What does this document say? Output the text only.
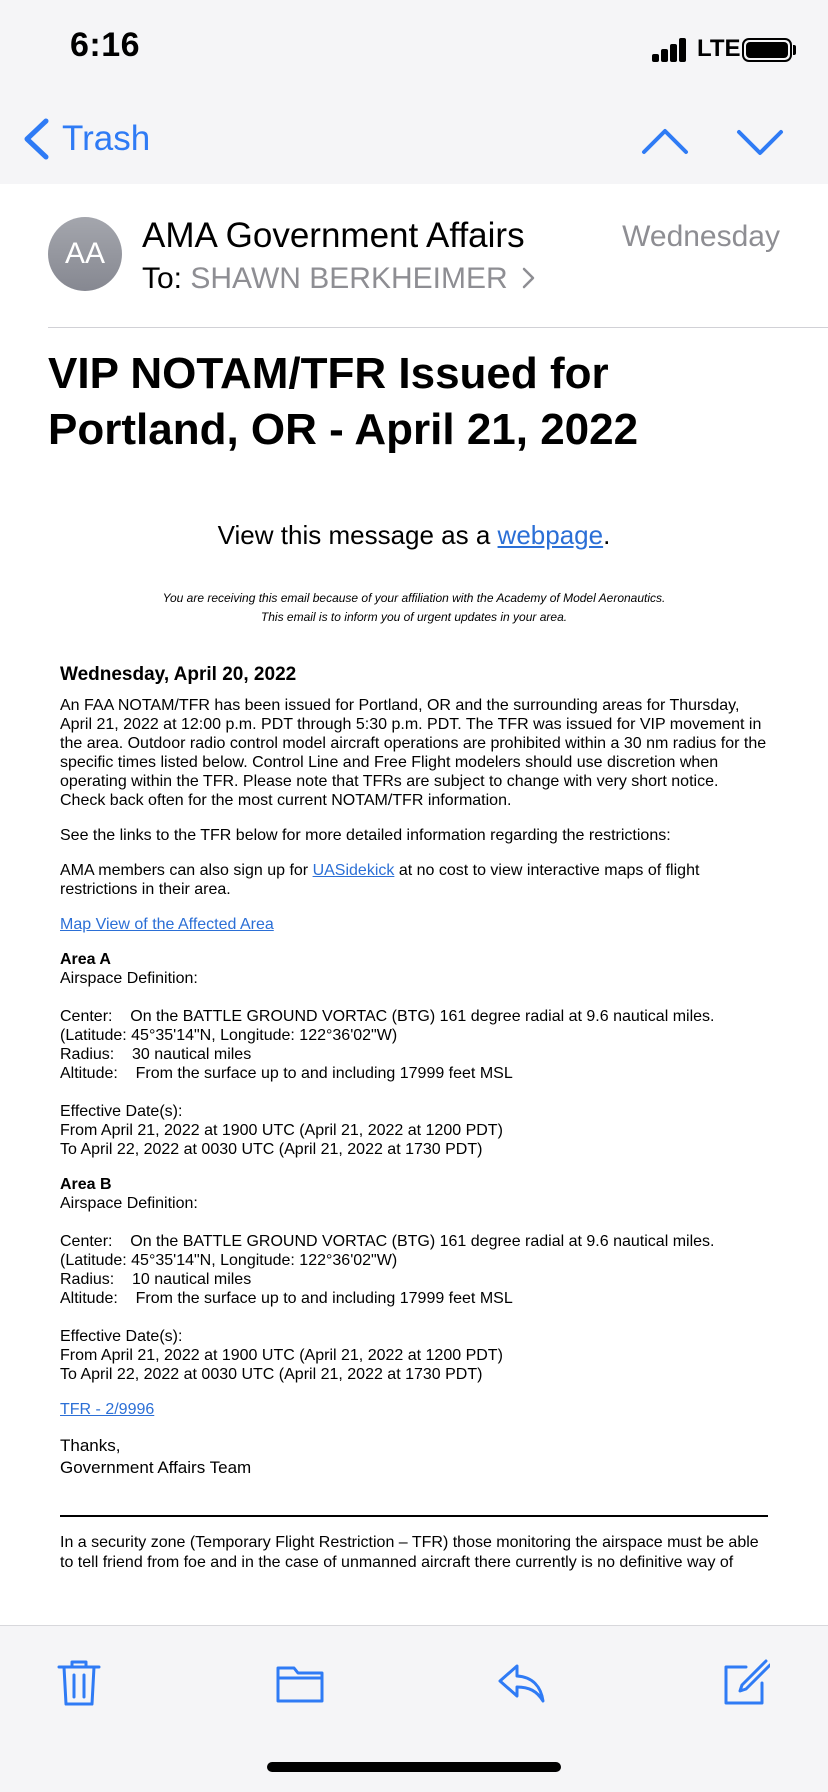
6:16	LTE
Trash
AA	AMA Government Affairs
To: SHAWN BERKHEIMER
Wednesday
VIP NOTAM/TFR Issued for Portland, OR - April 21, 2022
View this message as a webpage.
You are receiving this email because of your affiliation with the Academy of Model Aeronautics.
This email is to inform you of urgent updates in your area.
Wednesday, April 20, 2022
An FAA NOTAM/TFR has been issued for Portland, OR and the surrounding areas for Thursday, April 21, 2022 at 12:00 p.m. PDT through 5:30 p.m. PDT. The TFR was issued for VIP movement in the area. Outdoor radio control model aircraft operations are prohibited within a 30 nm radius for the specific times listed below. Control Line and Free Flight modelers should use discretion when operating within the TFR. Please note that TFRs are subject to change with very short notice. Check back often for the most current NOTAM/TFR information.
See the links to the TFR below for more detailed information regarding the restrictions:
AMA members can also sign up for UASidekick at no cost to view interactive maps of flight restrictions in their area.
Map View of the Affected Area
Area A
Airspace Definition:
Center:    On the BATTLE GROUND VORTAC (BTG) 161 degree radial at 9.6 nautical miles.
(Latitude: 45°35'14"N, Longitude: 122°36'02"W)
Radius:    30 nautical miles
Altitude:    From the surface up to and including 17999 feet MSL
Effective Date(s):
From April 21, 2022 at 1900 UTC (April 21, 2022 at 1200 PDT)
To April 22, 2022 at 0030 UTC (April 21, 2022 at 1730 PDT)
Area B
Airspace Definition:
Center:    On the BATTLE GROUND VORTAC (BTG) 161 degree radial at 9.6 nautical miles.
(Latitude: 45°35'14"N, Longitude: 122°36'02"W)
Radius:    10 nautical miles
Altitude:    From the surface up to and including 17999 feet MSL
Effective Date(s):
From April 21, 2022 at 1900 UTC (April 21, 2022 at 1200 PDT)
To April 22, 2022 at 0030 UTC (April 21, 2022 at 1730 PDT)
TFR - 2/9996
Thanks,
Government Affairs Team
In a security zone (Temporary Flight Restriction – TFR) those monitoring the airspace must be able to tell friend from foe and in the case of unmanned aircraft there currently is no definitive way of
